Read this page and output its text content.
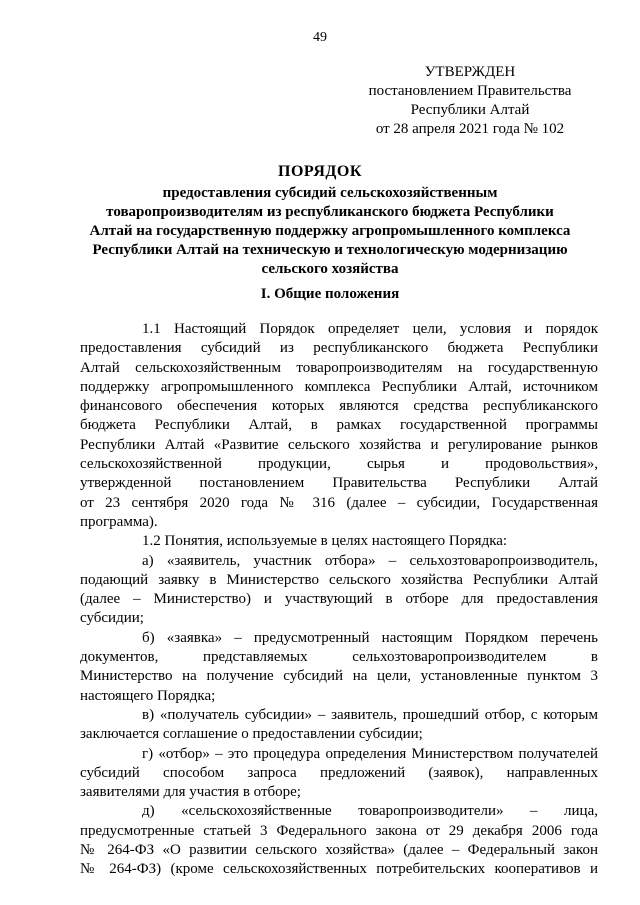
49
УТВЕРЖДЕН
постановлением Правительства
Республики Алтай
от 28 апреля 2021 года № 102
ПОРЯДОК
предоставления субсидий сельскохозяйственным
товаропроизводителям из республиканского бюджета Республики
Алтай на государственную поддержку агропромышленного комплекса
Республики Алтай на техническую и технологическую модернизацию
сельского хозяйства
I. Общие положения
1.1 Настоящий Порядок определяет цели, условия и порядок
предоставления субсидий из республиканского бюджета Республики
Алтай сельскохозяйственным товаропроизводителям на государственную
поддержку агропромышленного комплекса Республики Алтай, источником
финансового обеспечения которых являются средства республиканского
бюджета Республики Алтай, в рамках государственной программы
Республики Алтай «Развитие сельского хозяйства и регулирование рынков
сельскохозяйственной продукции, сырья и продовольствия»,
утвержденной постановлением Правительства Республики Алтай
от 23 сентября 2020 года № 316 (далее – субсидии, Государственная
программа).
1.2 Понятия, используемые в целях настоящего Порядка:
а) «заявитель, участник отбора» – сельхозтоваропроизводитель,
подающий заявку в Министерство сельского хозяйства Республики Алтай
(далее – Министерство) и участвующий в отборе для предоставления
субсидии;
б) «заявка» – предусмотренный настоящим Порядком перечень
документов, представляемых сельхозтоваропроизводителем в
Министерство на получение субсидий на цели, установленные пунктом 3
настоящего Порядка;
в) «получатель субсидии» – заявитель, прошедший отбор, с которым
заключается соглашение о предоставлении субсидии;
г) «отбор» – это процедура определения Министерством получателей
субсидий способом запроса предложений (заявок), направленных
заявителями для участия в отборе;
д) «сельскохозяйственные товаропроизводители» – лица,
предусмотренные статьей 3 Федерального закона от 29 декабря 2006 года
№ 264-ФЗ «О развитии сельского хозяйства» (далее – Федеральный закон
№ 264-ФЗ) (кроме сельскохозяйственных потребительских кооперативов и
